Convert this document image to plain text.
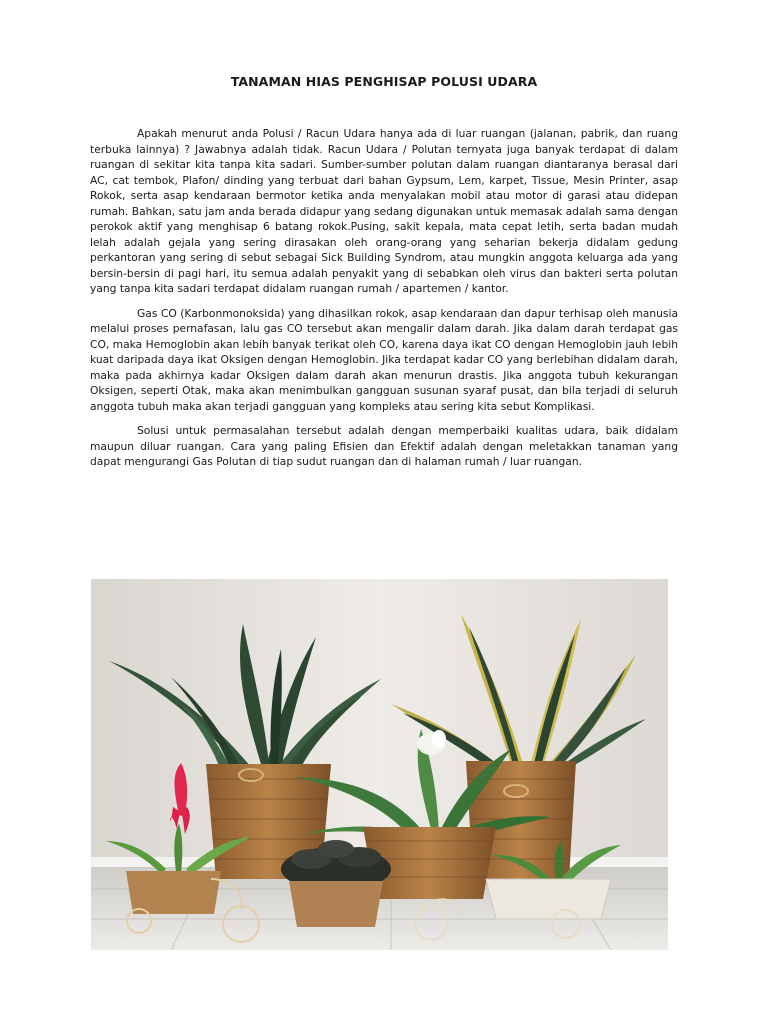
TANAMAN HIAS PENGHISAP POLUSI UDARA

Apakah menurut anda Polusi / Racun Udara hanya ada di luar ruangan (jalanan, pabrik, dan ruang terbuka lainnya) ? Jawabnya adalah tidak. Racun Udara / Polutan ternyata juga banyak terdapat di dalam ruangan di sekitar kita tanpa kita sadari. Sumber-sumber polutan dalam ruangan diantaranya berasal dari AC, cat tembok, Plafon/ dinding yang terbuat dari bahan Gypsum, Lem, karpet, Tissue, Mesin Printer, asap Rokok, serta asap kendaraan bermotor ketika anda menyalakan mobil atau motor di garasi atau didepan rumah. Bahkan, satu jam anda berada didapur yang sedang digunakan untuk memasak adalah sama dengan perokok aktif yang menghisap 6 batang rokok.Pusing, sakit kepala, mata cepat letih, serta badan mudah lelah adalah gejala yang sering dirasakan oleh orang-orang yang seharian bekerja didalam gedung perkantoran yang sering di sebut sebagai Sick Building Syndrom, atau mungkin anggota keluarga ada yang bersin-bersin di pagi hari, itu semua adalah penyakit yang di sebabkan oleh virus dan bakteri serta polutan yang tanpa kita sadari terdapat didalam ruangan rumah / apartemen / kantor.

Gas CO (Karbonmonoksida) yang dihasilkan rokok, asap kendaraan dan dapur terhisap oleh manusia melalui proses pernafasan, lalu gas CO tersebut akan mengalir dalam darah. Jika dalam darah terdapat gas CO, maka Hemoglobin akan lebih banyak terikat oleh CO, karena daya ikat CO dengan Hemoglobin jauh lebih kuat daripada daya ikat Oksigen dengan Hemoglobin. Jika terdapat kadar CO yang berlebihan didalam darah, maka pada akhirnya kadar Oksigen dalam darah akan menurun drastis. Jika anggota tubuh kekurangan Oksigen, seperti Otak, maka akan menimbulkan gangguan susunan syaraf pusat, dan bila terjadi di seluruh anggota tubuh maka akan terjadi gangguan yang kompleks atau sering kita sebut Komplikasi.

Solusi untuk permasalahan tersebut adalah dengan memperbaiki kualitas udara, baik didalam maupun diluar ruangan. Cara yang paling Efisien dan Efektif adalah dengan meletakkan tanaman yang dapat mengurangi Gas Polutan di tiap sudut ruangan dan di halaman rumah / luar ruangan.
